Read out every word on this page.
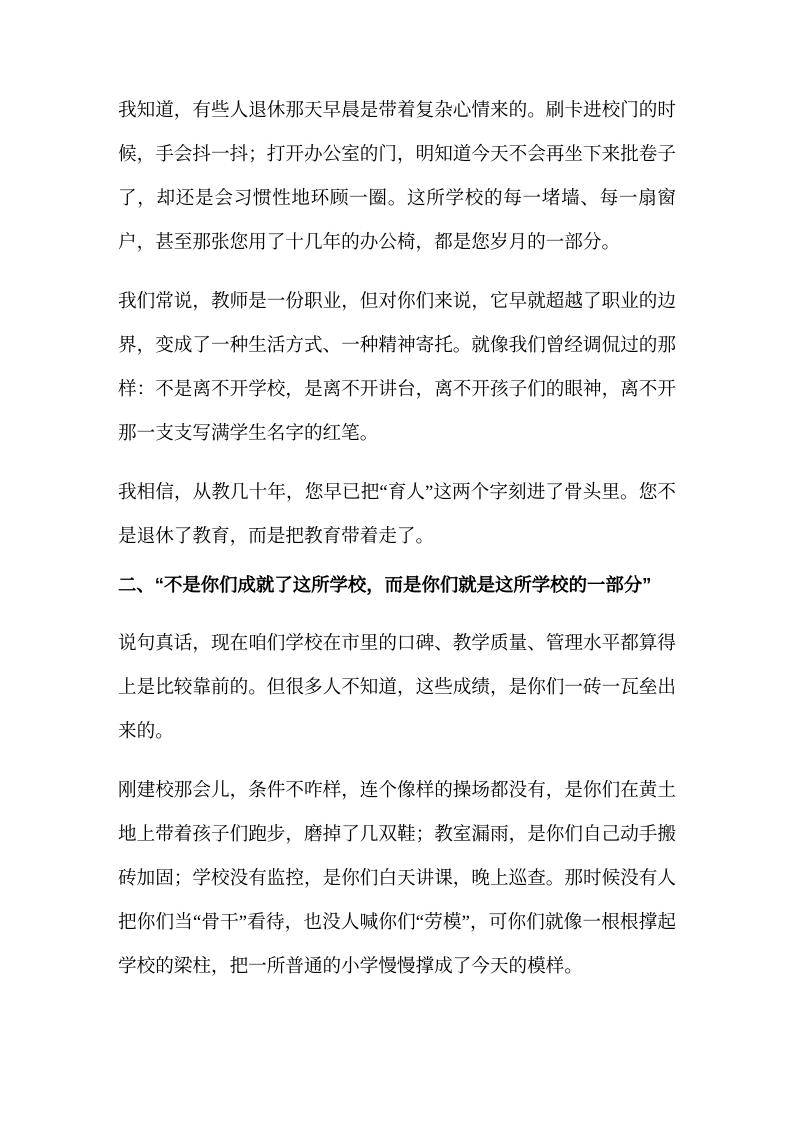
我知道，有些人退休那天早晨是带着复杂心情来的。刷卡进校门的时候，手会抖一抖；打开办公室的门，明知道今天不会再坐下来批卷子了，却还是会习惯性地环顾一圈。这所学校的每一堵墙、每一扇窗户，甚至那张您用了十几年的办公椅，都是您岁月的一部分。

我们常说，教师是一份职业，但对你们来说，它早就超越了职业的边界，变成了一种生活方式、一种精神寄托。就像我们曾经调侃过的那样：不是离不开学校，是离不开讲台，离不开孩子们的眼神，离不开那一支支写满学生名字的红笔。

我相信，从教几十年，您早已把“育人”这两个字刻进了骨头里。您不是退休了教育，而是把教育带着走了。

二、“不是你们成就了这所学校，而是你们就是这所学校的一部分”

说句真话，现在咱们学校在市里的口碑、教学质量、管理水平都算得上是比较靠前的。但很多人不知道，这些成绩，是你们一砖一瓦垒出来的。

刚建校那会儿，条件不咋样，连个像样的操场都没有，是你们在黄土地上带着孩子们跑步，磨掉了几双鞋；教室漏雨，是你们自己动手搬砖加固；学校没有监控，是你们白天讲课，晚上巡查。那时候没有人把你们当“骨干”看待，也没人喊你们“劳模”，可你们就像一根根撑起学校的梁柱，把一所普通的小学慢慢撑成了今天的模样。
